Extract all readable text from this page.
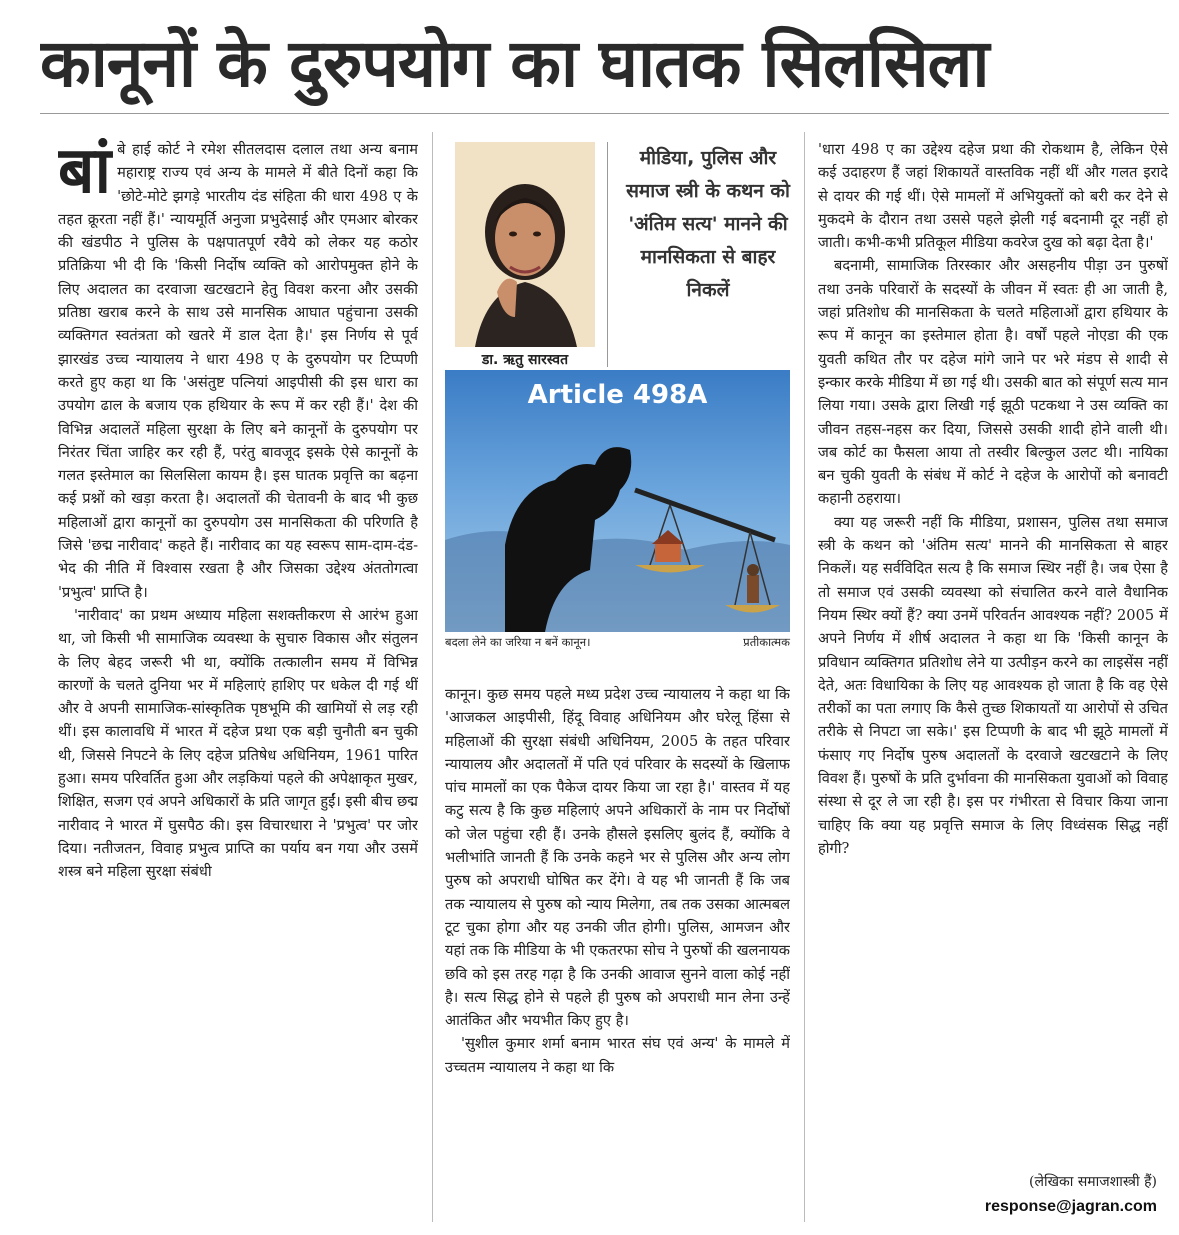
कानूनों के दुरुपयोग का घातक सिलसिला

बांबे हाई कोर्ट ने रमेश सीतलदास दलाल तथा अन्य बनाम महाराष्ट्र राज्य एवं अन्य के मामले में बीते दिनों कहा कि 'छोटे-मोटे झगड़े भारतीय दंड संहिता की धारा 498 ए के तहत क्रूरता नहीं हैं।' न्यायमूर्ति अनुजा प्रभुदेसाई और एमआर बोरकर की खंडपीठ ने पुलिस के पक्षपातपूर्ण रवैये को लेकर यह कठोर प्रतिक्रिया भी दी कि 'किसी निर्दोष व्यक्ति को आरोपमुक्त होने के लिए अदालत का दरवाजा खटखटाने हेतु विवश करना और उसकी प्रतिष्ठा खराब करने के साथ उसे मानसिक आघात पहुंचाना उसकी व्यक्तिगत स्वतंत्रता को खतरे में डाल देता है।' इस निर्णय से पूर्व झारखंड उच्च न्यायालय ने धारा 498 ए के दुरुपयोग पर टिप्पणी करते हुए कहा था कि 'असंतुष्ट पत्नियां आइपीसी की इस धारा का उपयोग ढाल के बजाय एक हथियार के रूप में कर रही हैं।' देश की विभिन्न अदालतें महिला सुरक्षा के लिए बने कानूनों के दुरुपयोग पर निरंतर चिंता जाहिर कर रही हैं, परंतु बावजूद इसके ऐसे कानूनों के गलत इस्तेमाल का सिलसिला कायम है। इस घातक प्रवृत्ति का बढ़ना कई प्रश्नों को खड़ा करता है। अदालतों की चेतावनी के बाद भी कुछ महिलाओं द्वारा कानूनों का दुरुपयोग उस मानसिकता की परिणति है जिसे 'छद्म नारीवाद' कहते हैं। नारीवाद का यह स्वरूप साम-दाम-दंड-भेद की नीति में विश्वास रखता है और जिसका उद्देश्य अंततोगत्वा 'प्रभुत्व' प्राप्ति है।

'नारीवाद' का प्रथम अध्याय महिला सशक्तीकरण से आरंभ हुआ था, जो किसी भी सामाजिक व्यवस्था के सुचारु विकास और संतुलन के लिए बेहद जरूरी भी था, क्योंकि तत्कालीन समय में विभिन्न कारणों के चलते दुनिया भर में महिलाएं हाशिए पर धकेल दी गई थीं और वे अपनी सामाजिक-सांस्कृतिक पृष्ठभूमि की खामियों से लड़ रही थीं। इस कालावधि में भारत में दहेज प्रथा एक बड़ी चुनौती बन चुकी थी, जिससे निपटने के लिए दहेज प्रतिषेध अधिनियम, 1961 पारित हुआ। समय परिवर्तित हुआ और लड़कियां पहले की अपेक्षाकृत मुखर, शिक्षित, सजग एवं अपने अधिकारों के प्रति जागृत हुईं। इसी बीच छद्म नारीवाद ने भारत में घुसपैठ की। इस विचारधारा ने 'प्रभुत्व' पर जोर दिया। नतीजतन, विवाह प्रभुत्व प्राप्ति का पर्याय बन गया और उसमें शस्त्र बने महिला सुरक्षा संबंधी

डा. ऋतु सारस्वत
मीडिया, पुलिस और समाज स्त्री के कथन को 'अंतिम सत्य' मानने की मानसिकता से बाहर निकलें
Article 498A
बदला लेने का जरिया न बनें कानून।	प्रतीकात्मक

कानून। कुछ समय पहले मध्य प्रदेश उच्च न्यायालय ने कहा था कि 'आजकल आइपीसी, हिंदू विवाह अधिनियम और घरेलू हिंसा से महिलाओं की सुरक्षा संबंधी अधिनियम, 2005 के तहत परिवार न्यायालय और अदालतों में पति एवं परिवार के सदस्यों के खिलाफ पांच मामलों का एक पैकेज दायर किया जा रहा है।' वास्तव में यह कटु सत्य है कि कुछ महिलाएं अपने अधिकारों के नाम पर निर्दोषों को जेल पहुंचा रही हैं। उनके हौसले इसलिए बुलंद हैं, क्योंकि वे भलीभांति जानती हैं कि उनके कहने भर से पुलिस और अन्य लोग पुरुष को अपराधी घोषित कर देंगे। वे यह भी जानती हैं कि जब तक न्यायालय से पुरुष को न्याय मिलेगा, तब तक उसका आत्मबल टूट चुका होगा और यह उनकी जीत होगी। पुलिस, आमजन और यहां तक कि मीडिया के भी एकतरफा सोच ने पुरुषों की खलनायक छवि को इस तरह गढ़ा है कि उनकी आवाज सुनने वाला कोई नहीं है। सत्य सिद्ध होने से पहले ही पुरुष को अपराधी मान लेना उन्हें आतंकित और भयभीत किए हुए है।

'सुशील कुमार शर्मा बनाम भारत संघ एवं अन्य' के मामले में उच्चतम न्यायालय ने कहा था कि

'धारा 498 ए का उद्देश्य दहेज प्रथा की रोकथाम है, लेकिन ऐसे कई उदाहरण हैं जहां शिकायतें वास्तविक नहीं थीं और गलत इरादे से दायर की गई थीं। ऐसे मामलों में अभियुक्तों को बरी कर देने से मुकदमे के दौरान तथा उससे पहले झेली गई बदनामी दूर नहीं हो जाती। कभी-कभी प्रतिकूल मीडिया कवरेज दुख को बढ़ा देता है।'

बदनामी, सामाजिक तिरस्कार और असहनीय पीड़ा उन पुरुषों तथा उनके परिवारों के सदस्यों के जीवन में स्वतः ही आ जाती है, जहां प्रतिशोध की मानसिकता के चलते महिलाओं द्वारा हथियार के रूप में कानून का इस्तेमाल होता है। वर्षों पहले नोएडा की एक युवती कथित तौर पर दहेज मांगे जाने पर भरे मंडप से शादी से इन्कार करके मीडिया में छा गई थी। उसकी बात को संपूर्ण सत्य मान लिया गया। उसके द्वारा लिखी गई झूठी पटकथा ने उस व्यक्ति का जीवन तहस-नहस कर दिया, जिससे उसकी शादी होने वाली थी। जब कोर्ट का फैसला आया तो तस्वीर बिल्कुल उलट थी। नायिका बन चुकी युवती के संबंध में कोर्ट ने दहेज के आरोपों को बनावटी कहानी ठहराया।

क्या यह जरूरी नहीं कि मीडिया, प्रशासन, पुलिस तथा समाज स्त्री के कथन को 'अंतिम सत्य' मानने की मानसिकता से बाहर निकलें। यह सर्वविदित सत्य है कि समाज स्थिर नहीं है। जब ऐसा है तो समाज एवं उसकी व्यवस्था को संचालित करने वाले वैधानिक नियम स्थिर क्यों हैं? क्या उनमें परिवर्तन आवश्यक नहीं? 2005 में अपने निर्णय में शीर्ष अदालत ने कहा था कि 'किसी कानून के प्रविधान व्यक्तिगत प्रतिशोध लेने या उत्पीड़न करने का लाइसेंस नहीं देते, अतः विधायिका के लिए यह आवश्यक हो जाता है कि वह ऐसे तरीकों का पता लगाए कि कैसे तुच्छ शिकायतों या आरोपों से उचित तरीके से निपटा जा सके।' इस टिप्पणी के बाद भी झूठे मामलों में फंसाए गए निर्दोष पुरुष अदालतों के दरवाजे खटखटाने के लिए विवश हैं। पुरुषों के प्रति दुर्भावना की मानसिकता युवाओं को विवाह संस्था से दूर ले जा रही है। इस पर गंभीरता से विचार किया जाना चाहिए कि क्या यह प्रवृत्ति समाज के लिए विध्वंसक सिद्ध नहीं होगी?

(लेखिका समाजशास्त्री हैं)
response@jagran.com
